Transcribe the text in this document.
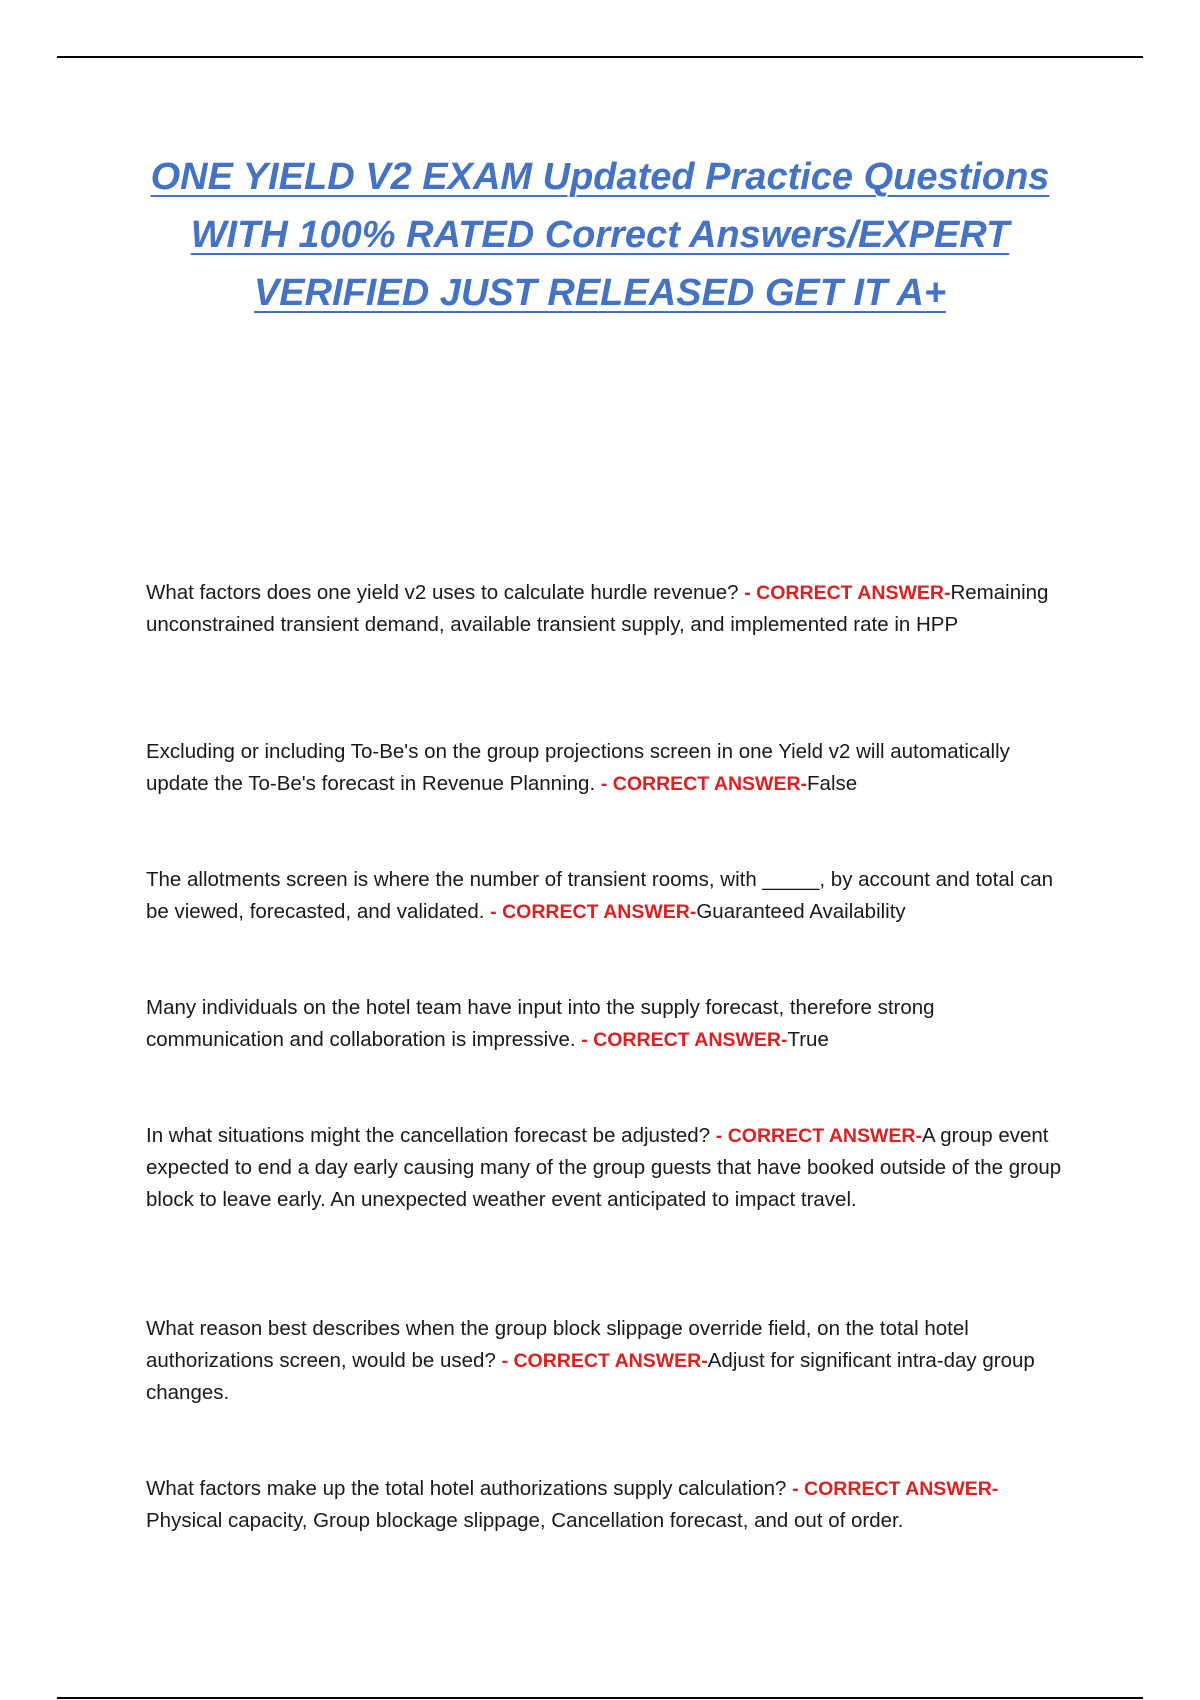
ONE YIELD V2 EXAM Updated Practice Questions
WITH 100% RATED Correct Answers/EXPERT
VERIFIED JUST RELEASED GET IT A+

What factors does one yield v2 uses to calculate hurdle revenue? - CORRECT ANSWER-Remaining unconstrained transient demand, available transient supply, and implemented rate in HPP

Excluding or including To-Be's on the group projections screen in one Yield v2 will automatically update the To-Be's forecast in Revenue Planning. - CORRECT ANSWER-False

The allotments screen is where the number of transient rooms, with _____, by account and total can be viewed, forecasted, and validated. - CORRECT ANSWER-Guaranteed Availability

Many individuals on the hotel team have input into the supply forecast, therefore strong communication and collaboration is impressive. - CORRECT ANSWER-True

In what situations might the cancellation forecast be adjusted? - CORRECT ANSWER-A group event expected to end a day early causing many of the group guests that have booked outside of the group block to leave early. An unexpected weather event anticipated to impact travel.

What reason best describes when the group block slippage override field, on the total hotel authorizations screen, would be used? - CORRECT ANSWER-Adjust for significant intra-day group changes.

What factors make up the total hotel authorizations supply calculation? - CORRECT ANSWER-Physical capacity, Group blockage slippage, Cancellation forecast, and out of order.
